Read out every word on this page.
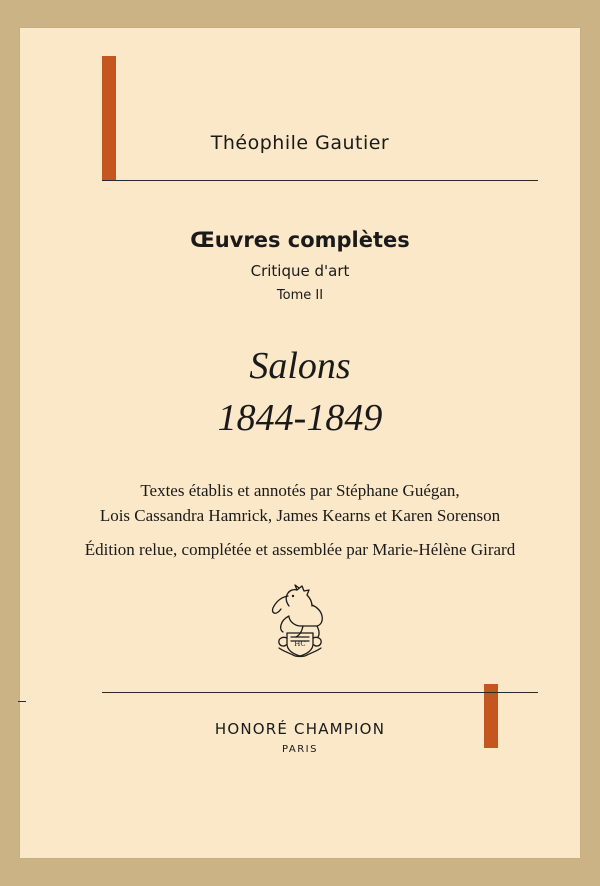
Théophile Gautier
Œuvres complètes
Critique d'art
Tome II
Salons
1844-1849
Textes établis et annotés par Stéphane Guégan,
Lois Cassandra Hamrick, James Kearns et Karen Sorenson
Édition relue, complétée et assemblée par Marie-Hélène Girard
HC
HONORÉ CHAMPION
PARIS
